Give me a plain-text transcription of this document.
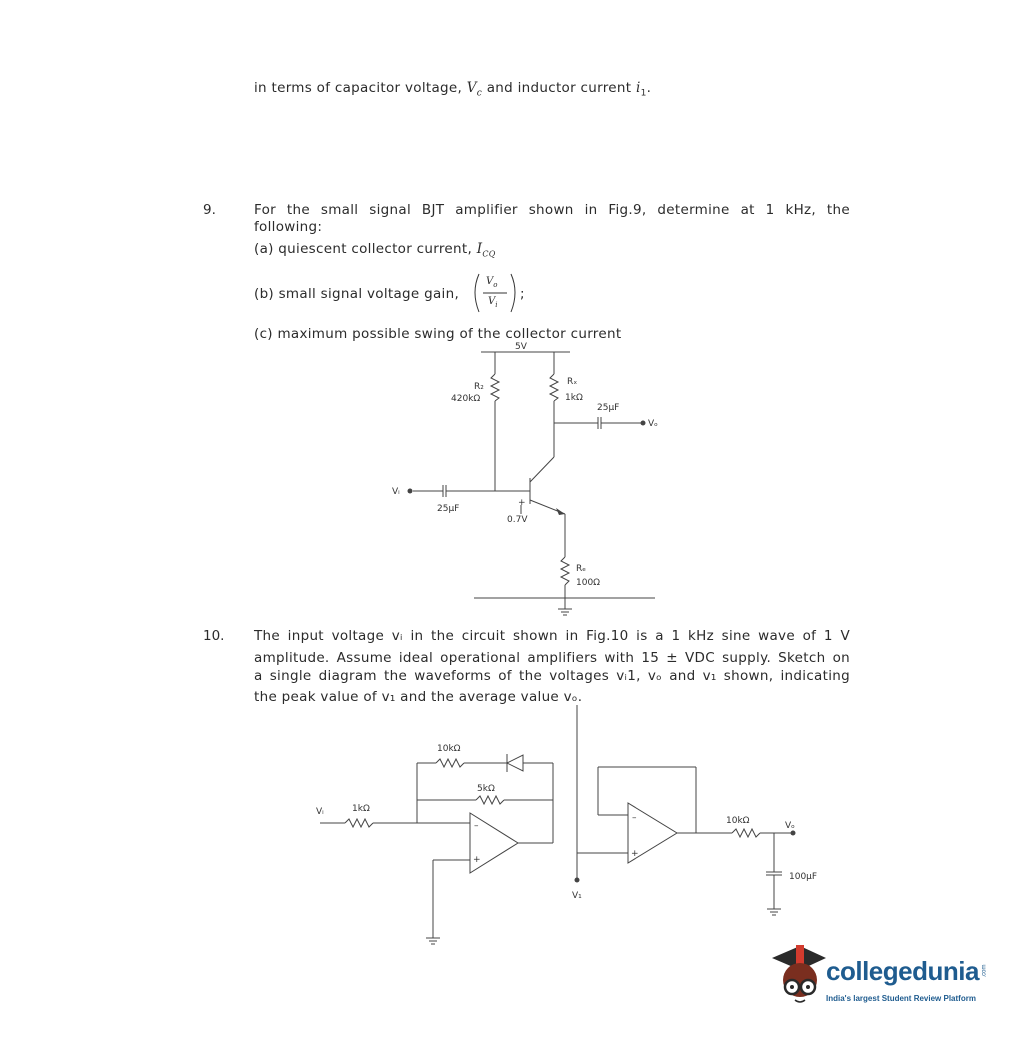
in terms of capacitor voltage, $V_c$ and inductor current $i_1$.
9.	For the small signal BJT amplifier shown in Fig.9, determine at 1 kHz, the
following:
(a) quiescent collector current, $I_{CQ}$
(b) small signal voltage gain,
$V_o$
$V_i$
;
(c) maximum possible swing of the collector current
5V
R₂
420kΩ
Rₓ
1kΩ
25μF
Vₒ
Vᵢ
25μF
+
0.7V
Rₑ
100Ω
10. The input voltage vᵢ in the circuit shown in Fig.10 is a 1 kHz sine wave of 1 V
amplitude. Assume ideal operational amplifiers with 15 ± VDC supply. Sketch on
a single diagram the waveforms of the voltages vᵢ1, vₒ and v₁ shown, indicating
the peak value of v₁ and the average value vₒ.
10kΩ
5kΩ
Vᵢ	1kΩ
–
+
–
+
V₁
10kΩ	Vₒ
100μF
collegedunia .com
India's largest Student Review Platform
